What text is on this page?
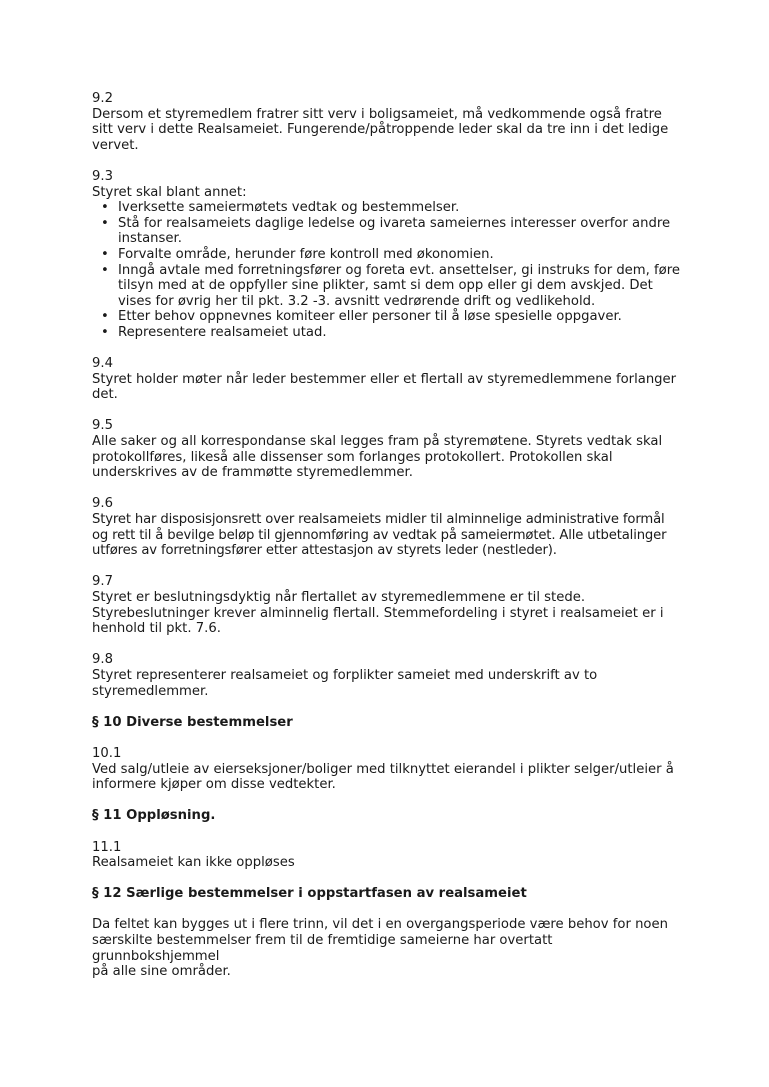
9.2
Dersom et styremedlem fratrer sitt verv i boligsameiet, må vedkommende også fratre
sitt verv i dette Realsameiet. Fungerende/påtroppende leder skal da tre inn i det ledige
vervet.
9.3
Styret skal blant annet:
• Iverksette sameiermøtets vedtak og bestemmelser.
• Stå for realsameiets daglige ledelse og ivareta sameiernes interesser overfor andre
instanser.
• Forvalte område, herunder føre kontroll med økonomien.
• Inngå avtale med forretningsfører og foreta evt. ansettelser, gi instruks for dem, føre
tilsyn med at de oppfyller sine plikter, samt si dem opp eller gi dem avskjed. Det
vises for øvrig her til pkt. 3.2 -3. avsnitt vedrørende drift og vedlikehold.
• Etter behov oppnevnes komiteer eller personer til å løse spesielle oppgaver.
• Representere realsameiet utad.
9.4
Styret holder møter når leder bestemmer eller et flertall av styremedlemmene forlanger
det.
9.5
Alle saker og all korrespondanse skal legges fram på styremøtene. Styrets vedtak skal
protokollføres, likeså alle dissenser som forlanges protokollert. Protokollen skal
underskrives av de frammøtte styremedlemmer.
9.6
Styret har disposisjonsrett over realsameiets midler til alminnelige administrative formål
og rett til å bevilge beløp til gjennomføring av vedtak på sameiermøtet. Alle utbetalinger
utføres av forretningsfører etter attestasjon av styrets leder (nestleder).
9.7
Styret er beslutningsdyktig når flertallet av styremedlemmene er til stede.
Styrebeslutninger krever alminnelig flertall. Stemmefordeling i styret i realsameiet er i
henhold til pkt. 7.6.
9.8
Styret representerer realsameiet og forplikter sameiet med underskrift av to
styremedlemmer.
§ 10 Diverse bestemmelser
10.1
Ved salg/utleie av eierseksjoner/boliger med tilknyttet eierandel i plikter selger/utleier å
informere kjøper om disse vedtekter.
§ 11 Oppløsning.
11.1
Realsameiet kan ikke oppløses
§ 12 Særlige bestemmelser i oppstartfasen av realsameiet
Da feltet kan bygges ut i flere trinn, vil det i en overgangsperiode være behov for noen
særskilte bestemmelser frem til de fremtidige sameierne har overtatt grunnbokshjemmel
på alle sine områder.
